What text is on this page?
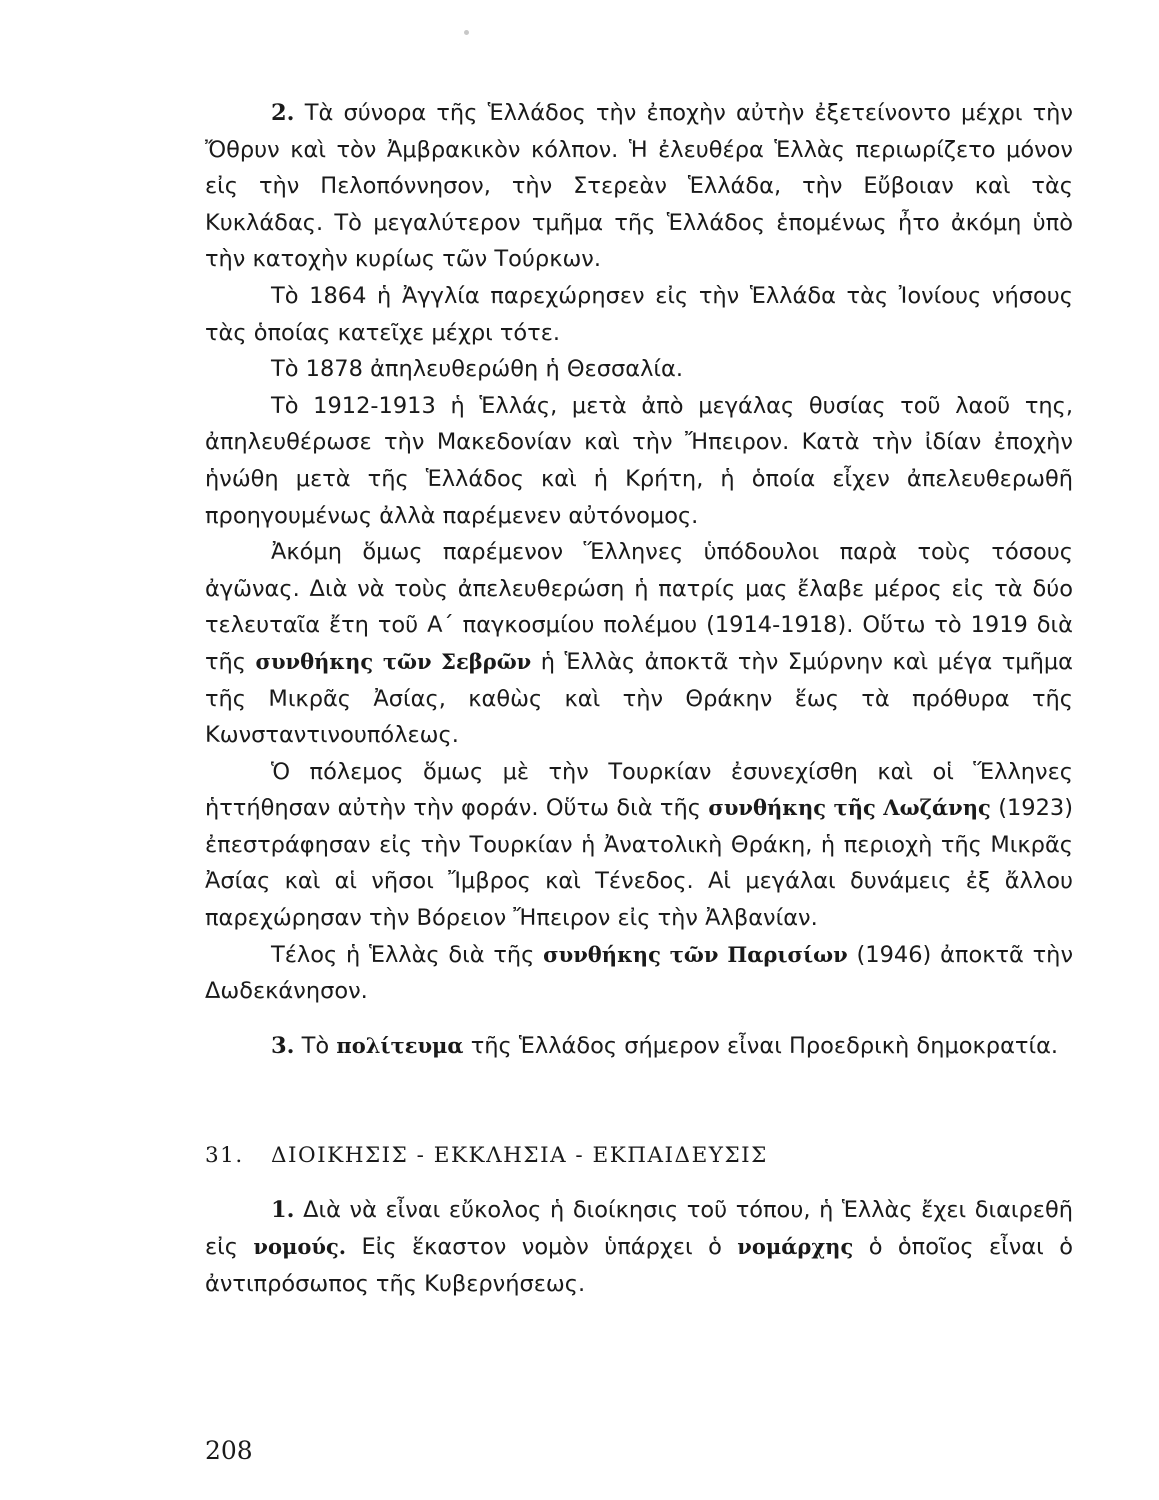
2. Τὰ σύνορα τῆς Ἑλλάδος τὴν ἐποχὴν αὐτὴν ἐξετείνοντο μέχρι τὴν Ὄθρυν καὶ τὸν Ἀμβρακικὸν κόλπον. Ἡ ἐλευθέρα Ἑλλὰς περιωρίζετο μόνον εἰς τὴν Πελοπόννησον, τὴν Στερεὰν Ἑλλάδα, τὴν Εὔβοιαν καὶ τὰς Κυκλάδας. Τὸ μεγαλύτερον τμῆμα τῆς Ἑλλάδος ἑπομένως ἦτο ἀκόμη ὑπὸ τὴν κατοχὴν κυρίως τῶν Τούρκων.

Τὸ 1864 ἡ Ἀγγλία παρεχώρησεν εἰς τὴν Ἑλλάδα τὰς Ἰονίους νήσους τὰς ὁποίας κατεῖχε μέχρι τότε.

Τὸ 1878 ἀπηλευθερώθη ἡ Θεσσαλία.

Τὸ 1912-1913 ἡ Ἑλλάς, μετὰ ἀπὸ μεγάλας θυσίας τοῦ λαοῦ της, ἀπηλευθέρωσε τὴν Μακεδονίαν καὶ τὴν Ἤπειρον. Κατὰ τὴν ἰδίαν ἐποχὴν ἡνώθη μετὰ τῆς Ἑλλάδος καὶ ἡ Κρήτη, ἡ ὁποία εἶχεν ἀπελευθερωθῆ προηγουμένως ἀλλὰ παρέμενεν αὐτόνομος.

Ἀκόμη ὅμως παρέμενον Ἕλληνες ὑπόδουλοι παρὰ τοὺς τόσους ἀγῶνας. Διὰ νὰ τοὺς ἀπελευθερώση ἡ πατρίς μας ἔλαβε μέρος εἰς τὰ δύο τελευταῖα ἔτη τοῦ Α΄ παγκοσμίου πολέμου (1914-1918). Οὕτω τὸ 1919 διὰ τῆς συνθήκης τῶν Σεβρῶν ἡ Ἑλλὰς ἀποκτᾶ τὴν Σμύρνην καὶ μέγα τμῆμα τῆς Μικρᾶς Ἀσίας, καθὼς καὶ τὴν Θράκην ἕως τὰ πρόθυρα τῆς Κωνσταντινουπόλεως.

Ὁ πόλεμος ὅμως μὲ τὴν Τουρκίαν ἐσυνεχίσθη καὶ οἱ Ἕλληνες ἡττήθησαν αὐτὴν τὴν φοράν. Οὕτω διὰ τῆς συνθήκης τῆς Λωζάνης (1923) ἐπεστράφησαν εἰς τὴν Τουρκίαν ἡ Ἀνατολικὴ Θράκη, ἡ περιοχὴ τῆς Μικρᾶς Ἀσίας καὶ αἱ νῆσοι Ἴμβρος καὶ Τένεδος. Αἱ μεγάλαι δυνάμεις ἐξ ἄλλου παρεχώρησαν τὴν Βόρειον Ἤπειρον εἰς τὴν Ἀλβανίαν.

Τέλος ἡ Ἑλλὰς διὰ τῆς συνθήκης τῶν Παρισίων (1946) ἀποκτᾶ τὴν Δωδεκάνησον.

3. Τὸ πολίτευμα τῆς Ἑλλάδος σήμερον εἶναι Προεδρικὴ δημοκρατία.

31. ΔΙΟΙΚΗΣΙΣ - ΕΚΚΛΗΣΙΑ - ΕΚΠΑΙΔΕΥΣΙΣ

1. Διὰ νὰ εἶναι εὔκολος ἡ διοίκησις τοῦ τόπου, ἡ Ἑλλὰς ἔχει διαιρεθῆ εἰς νομούς. Εἰς ἕκαστον νομὸν ὑπάρχει ὁ νομάρχης ὁ ὁποῖος εἶναι ὁ ἀντιπρόσωπος τῆς Κυβερνήσεως.

208
